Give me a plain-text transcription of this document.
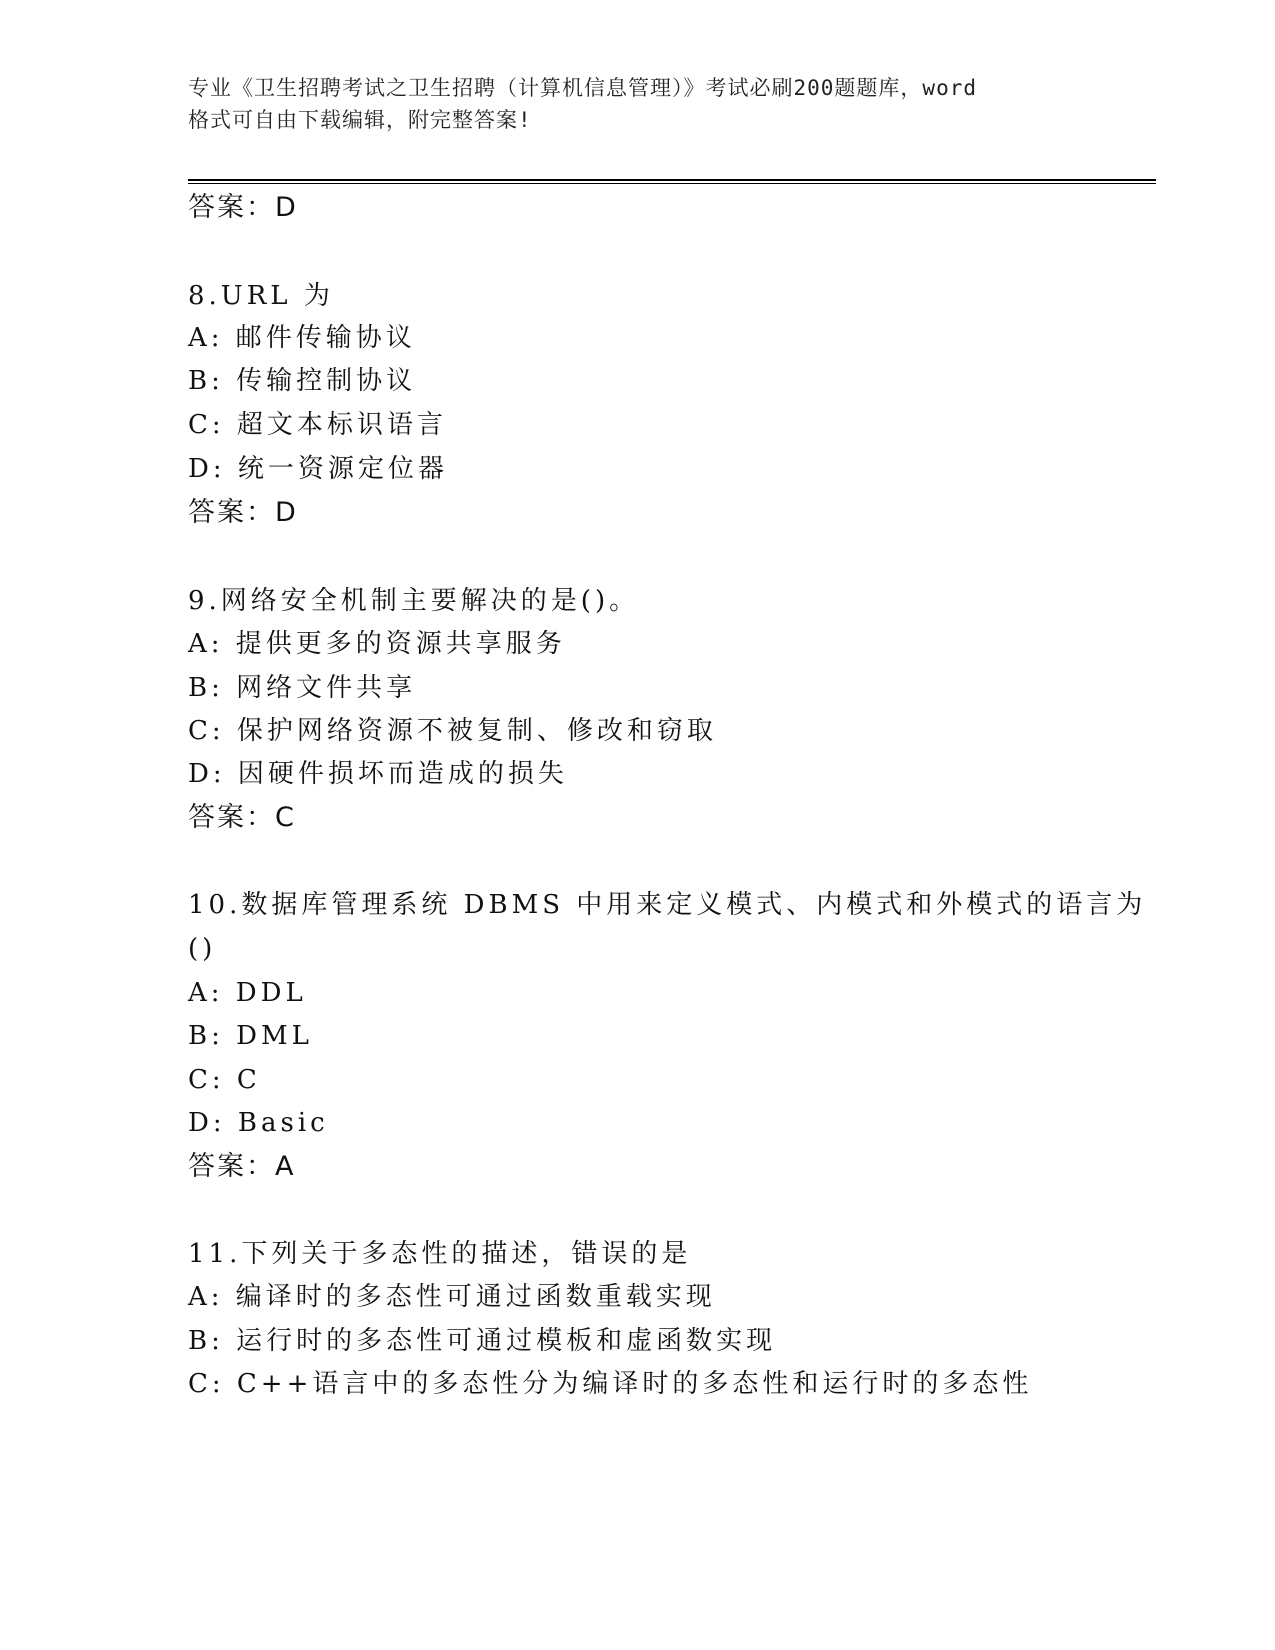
专业《卫生招聘考试之卫生招聘（计算机信息管理）》考试必刷200题题库，word
格式可自由下载编辑，附完整答案!
答案：D
8.URL 为
A: 邮件传输协议
B: 传输控制协议
C: 超文本标识语言
D: 统一资源定位器
答案：D
9.网络安全机制主要解决的是()。
A: 提供更多的资源共享服务
B: 网络文件共享
C: 保护网络资源不被复制、修改和窃取
D: 因硬件损坏而造成的损失
答案：C
10.数据库管理系统 DBMS 中用来定义模式、内模式和外模式的语言为
()
A: DDL
B: DML
C: C
D: Basic
答案：A
11.下列关于多态性的描述，错误的是
A: 编译时的多态性可通过函数重载实现
B: 运行时的多态性可通过模板和虚函数实现
C: C++语言中的多态性分为编译时的多态性和运行时的多态性
